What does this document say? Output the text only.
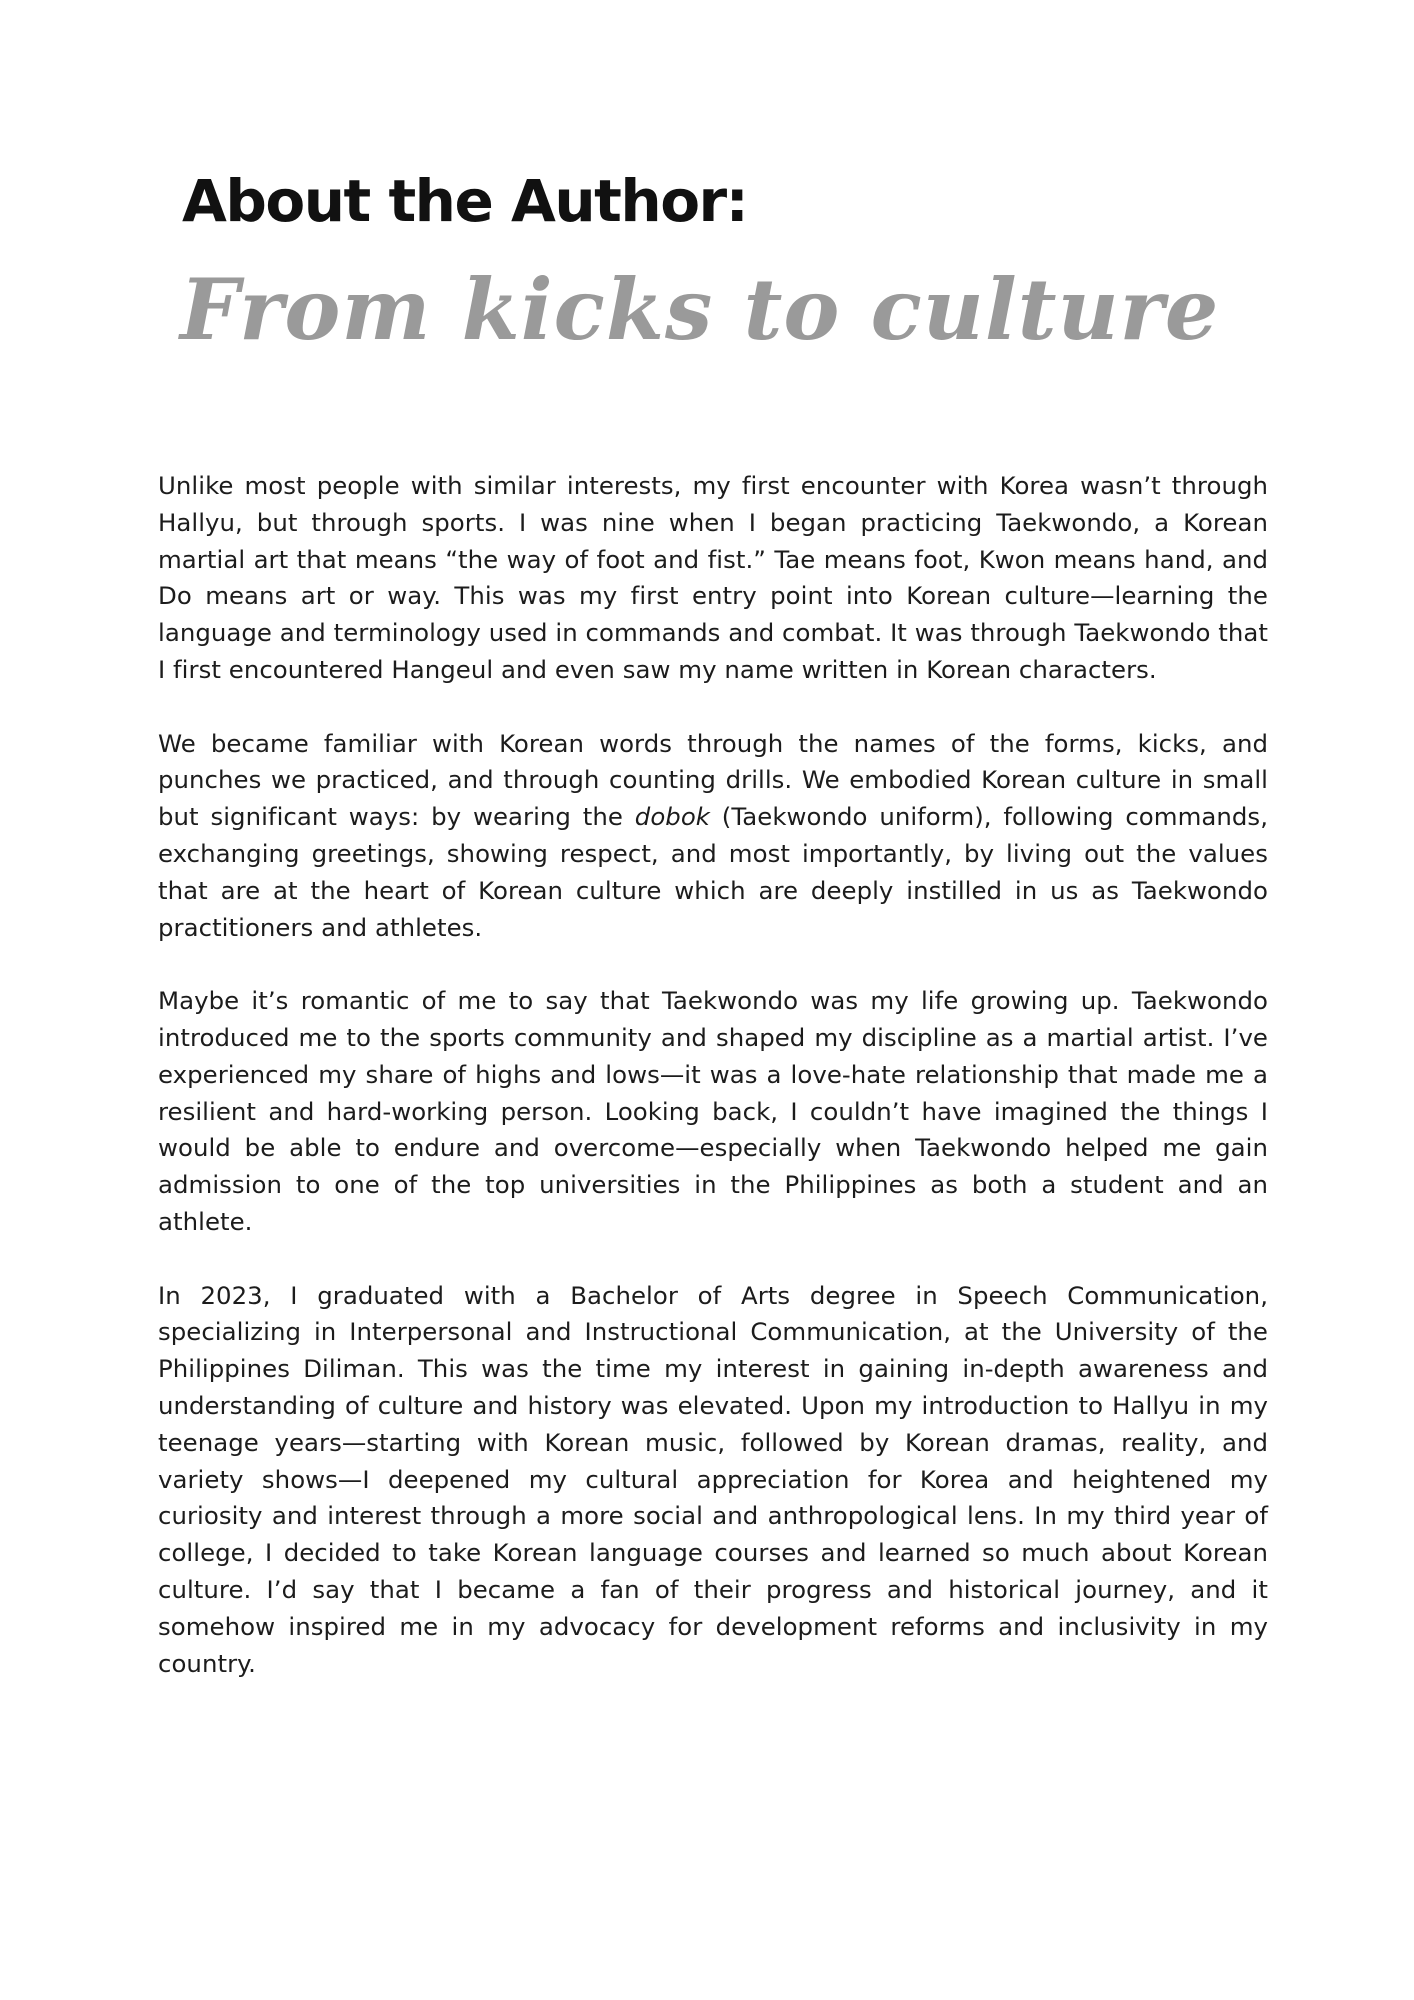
About the Author:
From kicks to culture

Unlike most people with similar interests, my first encounter with Korea wasn’t through Hallyu, but through sports. I was nine when I began practicing Taekwondo, a Korean martial art that means “the way of foot and fist.” Tae means foot, Kwon means hand, and Do means art or way. This was my first entry point into Korean culture—learning the language and terminology used in commands and combat. It was through Taekwondo that I first encountered Hangeul and even saw my name written in Korean characters.

We became familiar with Korean words through the names of the forms, kicks, and punches we practiced, and through counting drills. We embodied Korean culture in small but significant ways: by wearing the dobok (Taekwondo uniform), following commands, exchanging greetings, showing respect, and most importantly, by living out the values that are at the heart of Korean culture which are deeply instilled in us as Taekwondo practitioners and athletes.

Maybe it’s romantic of me to say that Taekwondo was my life growing up. Taekwondo introduced me to the sports community and shaped my discipline as a martial artist. I’ve experienced my share of highs and lows—it was a love-hate relationship that made me a resilient and hard-working person. Looking back, I couldn’t have imagined the things I would be able to endure and overcome—especially when Taekwondo helped me gain admission to one of the top universities in the Philippines as both a student and an athlete.

In 2023, I graduated with a Bachelor of Arts degree in Speech Communication, specializing in Interpersonal and Instructional Communication, at the University of the Philippines Diliman. This was the time my interest in gaining in-depth awareness and understanding of culture and history was elevated. Upon my introduction to Hallyu in my teenage years—starting with Korean music, followed by Korean dramas, reality, and variety shows—I deepened my cultural appreciation for Korea and heightened my curiosity and interest through a more social and anthropological lens. In my third year of college, I decided to take Korean language courses and learned so much about Korean culture. I’d say that I became a fan of their progress and historical journey, and it somehow inspired me in my advocacy for development reforms and inclusivity in my country.
